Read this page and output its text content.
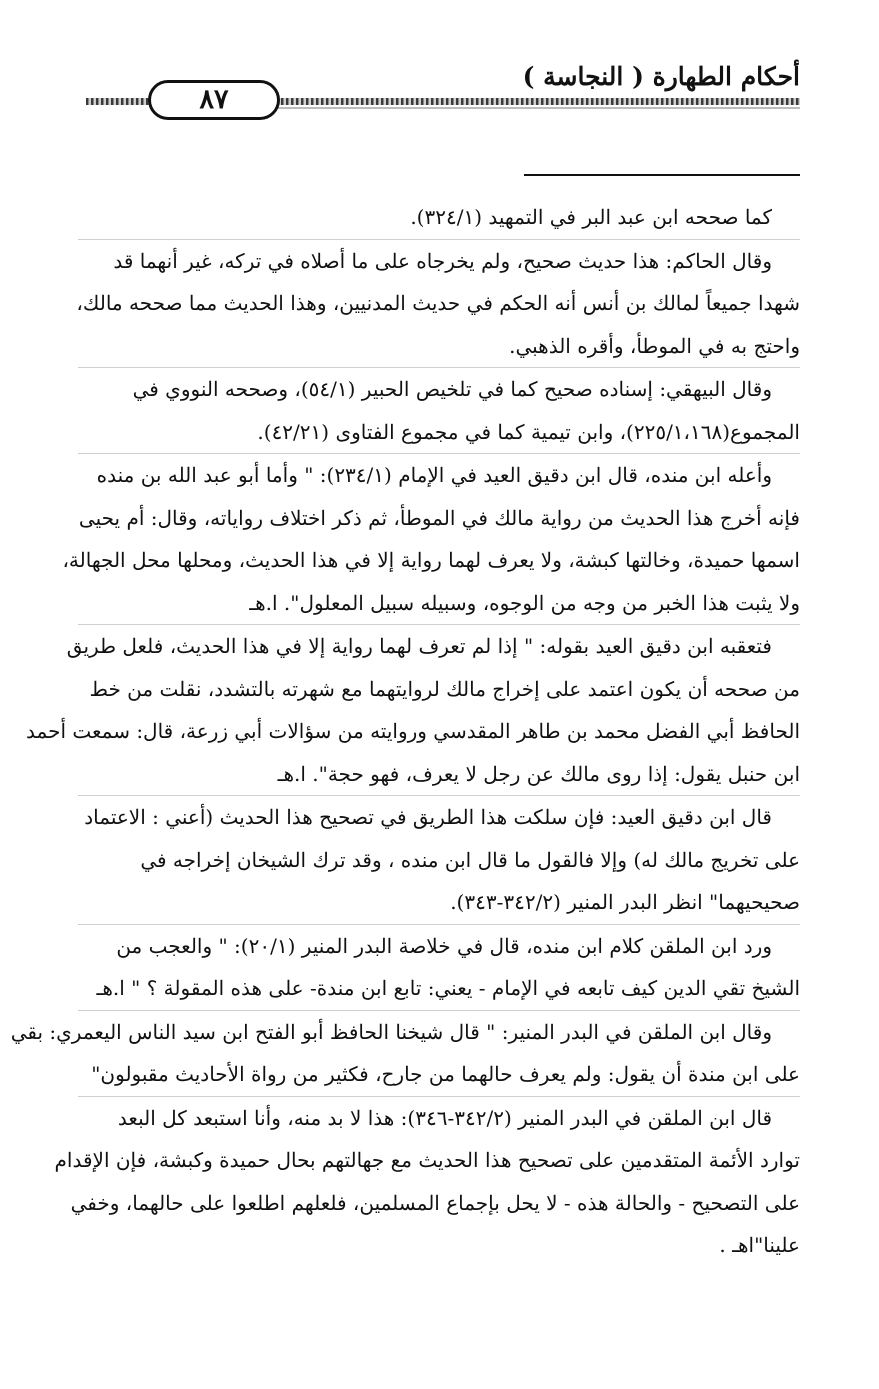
أحكام الطهارة ( النجاسة )
٨٧
كما صححه ابن عبد البر في التمهيد (٣٢٤/١).
وقال الحاكم: هذا حديث صحيح، ولم يخرجاه على ما أصلاه في تركه، غير أنهما قد
شهدا جميعاً لمالك بن أنس أنه الحكم في حديث المدنيين، وهذا الحديث مما صححه مالك،
واحتج به في الموطأ، وأقره الذهبي.
وقال البيهقي: إسناده صحيح كما في تلخيص الحبير (٥٤/١)، وصححه النووي في
المجموع(٢٢٥/١،١٦٨)، وابن تيمية كما في مجموع الفتاوى (٤٢/٢١).
وأعله ابن منده، قال ابن دقيق العيد في الإمام (٢٣٤/١): " وأما أبو عبد الله بن منده
فإنه أخرج هذا الحديث من رواية مالك في الموطأ، ثم ذكر اختلاف رواياته، وقال: أم يحيى
اسمها حميدة، وخالتها كبشة، ولا يعرف لهما رواية إلا في هذا الحديث، ومحلها محل الجهالة،
ولا يثبت هذا الخبر من وجه من الوجوه، وسبيله سبيل المعلول". ا.هـ
فتعقبه ابن دقيق العيد بقوله: " إذا لم تعرف لهما رواية إلا في هذا الحديث، فلعل طريق
من صححه أن يكون اعتمد على إخراج مالك لروايتهما مع شهرته بالتشدد، نقلت من خط
الحافظ أبي الفضل محمد بن طاهر المقدسي وروايته من سؤالات أبي زرعة، قال: سمعت أحمد
ابن حنبل يقول: إذا روى مالك عن رجل لا يعرف، فهو حجة". ا.هـ
قال ابن دقيق العيد: فإن سلكت هذا الطريق في تصحيح هذا الحديث (أعني : الاعتماد
على تخريج مالك له) وإلا فالقول ما قال ابن منده ، وقد ترك الشيخان إخراجه في
صحيحيهما" انظر البدر المنير (٣٤٢/٢-٣٤٣).
ورد ابن الملقن كلام ابن منده، قال في خلاصة البدر المنير (٢٠/١): " والعجب من
الشيخ تقي الدين كيف تابعه في الإمام - يعني: تابع ابن مندة- على هذه المقولة ؟ " ا.هـ
وقال ابن الملقن في البدر المنير: " قال شيخنا الحافظ أبو الفتح ابن سيد الناس اليعمري: بقي
على ابن مندة أن يقول: ولم يعرف حالهما من جارح، فكثير من رواة الأحاديث مقبولون"
قال ابن الملقن في البدر المنير (٣٤٢/٢-٣٤٦): هذا لا بد منه، وأنا استبعد كل البعد
توارد الأئمة المتقدمين على تصحيح هذا الحديث مع جهالتهم بحال حميدة وكبشة، فإن الإقدام
على التصحيح - والحالة هذه - لا يحل بإجماع المسلمين، فلعلهم اطلعوا على حالهما، وخفي
علينا"اهـ .
